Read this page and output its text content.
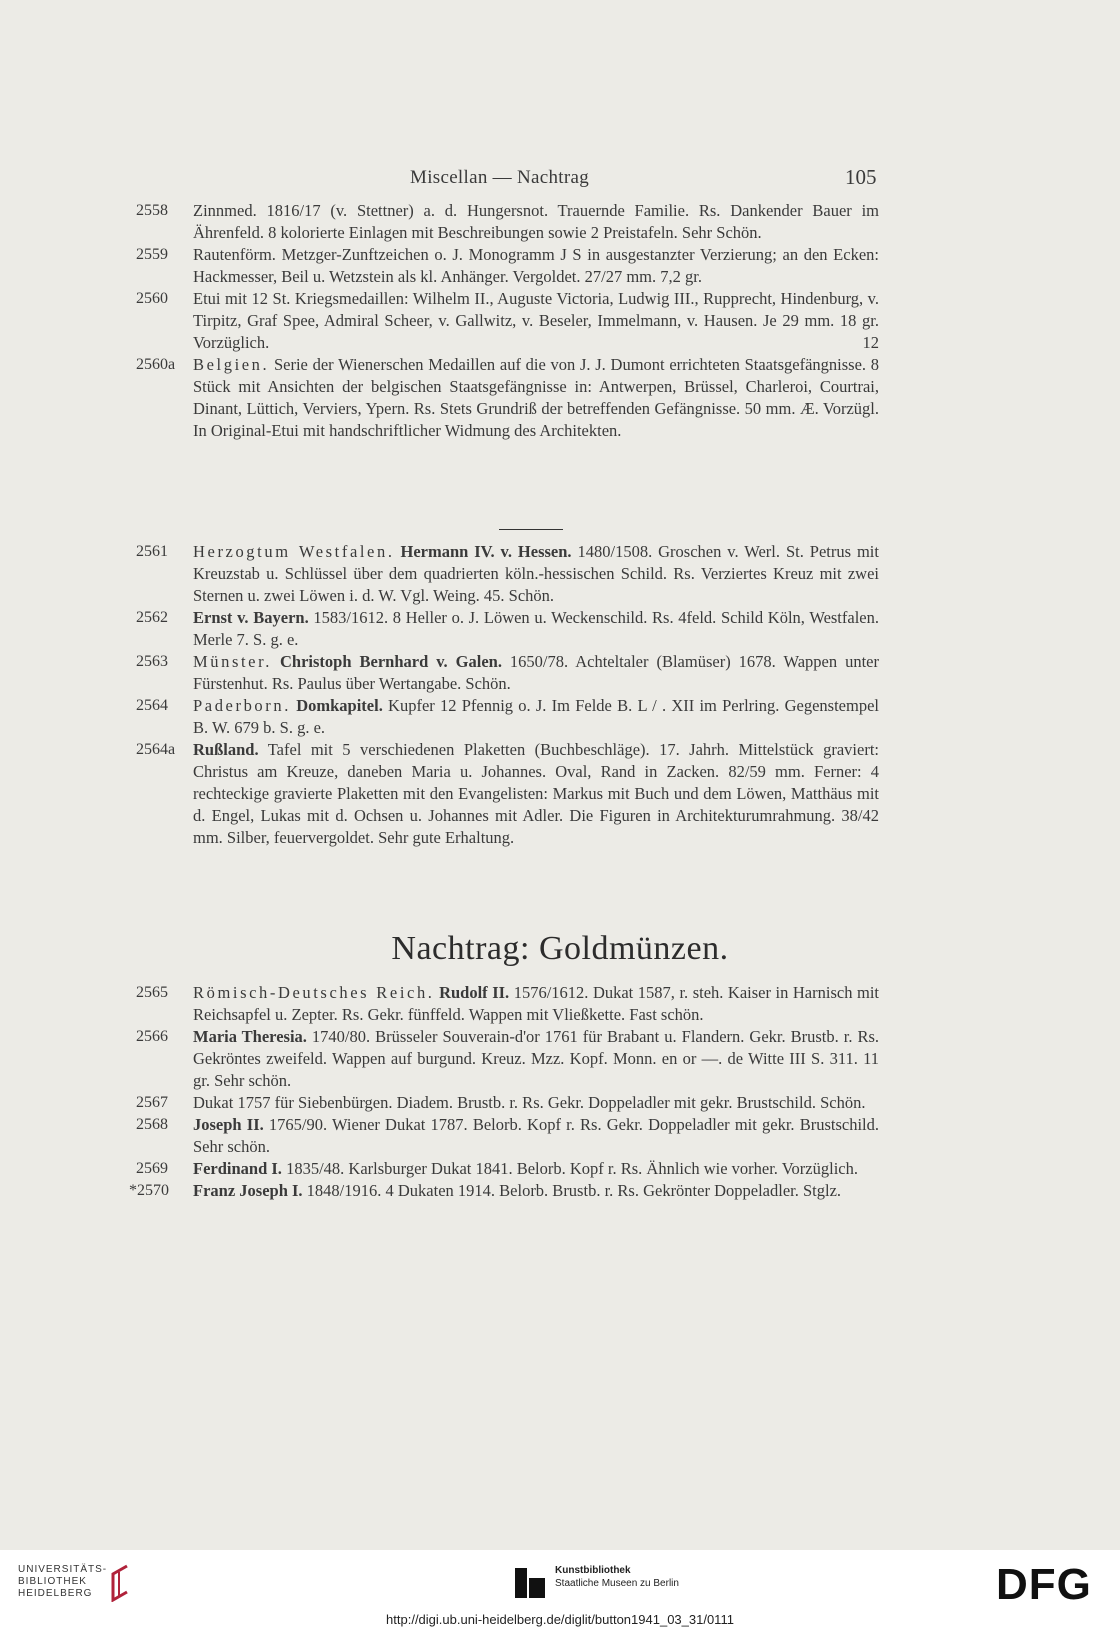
Miscellan — Nachtrag	105
2558	Zinnmed. 1816/17 (v. Stettner) a. d. Hungersnot. Trauernde Familie. Rs. Dankender Bauer im Ährenfeld. 8 kolorierte Einlagen mit Beschreibungen sowie 2 Preistafeln. Sehr Schön.
2559	Rautenförm. Metzger-Zunftzeichen o. J. Monogramm J S in ausgestanzter Verzierung; an den Ecken: Hackmesser, Beil u. Wetzstein als kl. Anhänger. Vergoldet. 27/27 mm. 7,2 gr.
2560	Etui mit 12 St. Kriegsmedaillen: Wilhelm II., Auguste Victoria, Ludwig III., Rupprecht, Hindenburg, v. Tirpitz, Graf Spee, Admiral Scheer, v. Gallwitz, v. Beseler, Immelmann, v. Hausen. Je 29 mm. 18 gr. Vorzüglich.	12
2560a	Belgien. Serie der Wienerschen Medaillen auf die von J. J. Dumont errichteten Staatsgefängnisse. 8 Stück mit Ansichten der belgischen Staatsgefängnisse in: Antwerpen, Brüssel, Charleroi, Courtrai, Dinant, Lüttich, Verviers, Ypern. Rs. Stets Grundriß der betreffenden Gefängnisse. 50 mm. Æ. Vorzügl. In Original-Etui mit handschriftlicher Widmung des Architekten.
2561	Herzogtum Westfalen. Hermann IV. v. Hessen. 1480/1508. Groschen v. Werl. St. Petrus mit Kreuzstab u. Schlüssel über dem quadrierten köln.-hessischen Schild. Rs. Verziertes Kreuz mit zwei Sternen u. zwei Löwen i. d. W. Vgl. Weing. 45. Schön.
2562	Ernst v. Bayern. 1583/1612. 8 Heller o. J. Löwen u. Weckenschild. Rs. 4feld. Schild Köln, Westfalen. Merle 7. S. g. e.
2563	Münster. Christoph Bernhard v. Galen. 1650/78. Achteltaler (Blamüser) 1678. Wappen unter Fürstenhut. Rs. Paulus über Wertangabe. Schön.
2564	Paderborn. Domkapitel. Kupfer 12 Pfennig o. J. Im Felde B. L / . XII im Perlring. Gegenstempel B. W. 679 b. S. g. e.
2564a	Rußland. Tafel mit 5 verschiedenen Plaketten (Buchbeschläge). 17. Jahrh. Mittelstück graviert: Christus am Kreuze, daneben Maria u. Johannes. Oval, Rand in Zacken. 82/59 mm. Ferner: 4 rechteckige gravierte Plaketten mit den Evangelisten: Markus mit Buch und dem Löwen, Matthäus mit d. Engel, Lukas mit d. Ochsen u. Johannes mit Adler. Die Figuren in Architekturumrahmung. 38/42 mm. Silber, feuervergoldet. Sehr gute Erhaltung.
Nachtrag: Goldmünzen.
2565	Römisch-Deutsches Reich. Rudolf II. 1576/1612. Dukat 1587, r. steh. Kaiser in Harnisch mit Reichsapfel u. Zepter. Rs. Gekr. fünffeld. Wappen mit Vließkette. Fast schön.
2566	Maria Theresia. 1740/80. Brüsseler Souverain-d'or 1761 für Brabant u. Flandern. Gekr. Brustb. r. Rs. Gekröntes zweifeld. Wappen auf burgund. Kreuz. Mzz. Kopf. Monn. en or —. de Witte III S. 311. 11 gr. Sehr schön.
2567	Dukat 1757 für Siebenbürgen. Diadem. Brustb. r. Rs. Gekr. Doppeladler mit gekr. Brustschild. Schön.
2568	Joseph II. 1765/90. Wiener Dukat 1787. Belorb. Kopf r. Rs. Gekr. Doppeladler mit gekr. Brustschild. Sehr schön.
2569	Ferdinand I. 1835/48. Karlsburger Dukat 1841. Belorb. Kopf r. Rs. Ähnlich wie vorher. Vorzüglich.
*2570	Franz Joseph I. 1848/1916. 4 Dukaten 1914. Belorb. Brustb. r. Rs. Gekrönter Doppeladler. Stglz.
UNIVERSITÄTS-
BIBLIOTHEK
HEIDELBERG
Kunstbibliothek
Staatliche Museen zu Berlin	DFG
http://digi.ub.uni-heidelberg.de/diglit/button1941_03_31/0111
